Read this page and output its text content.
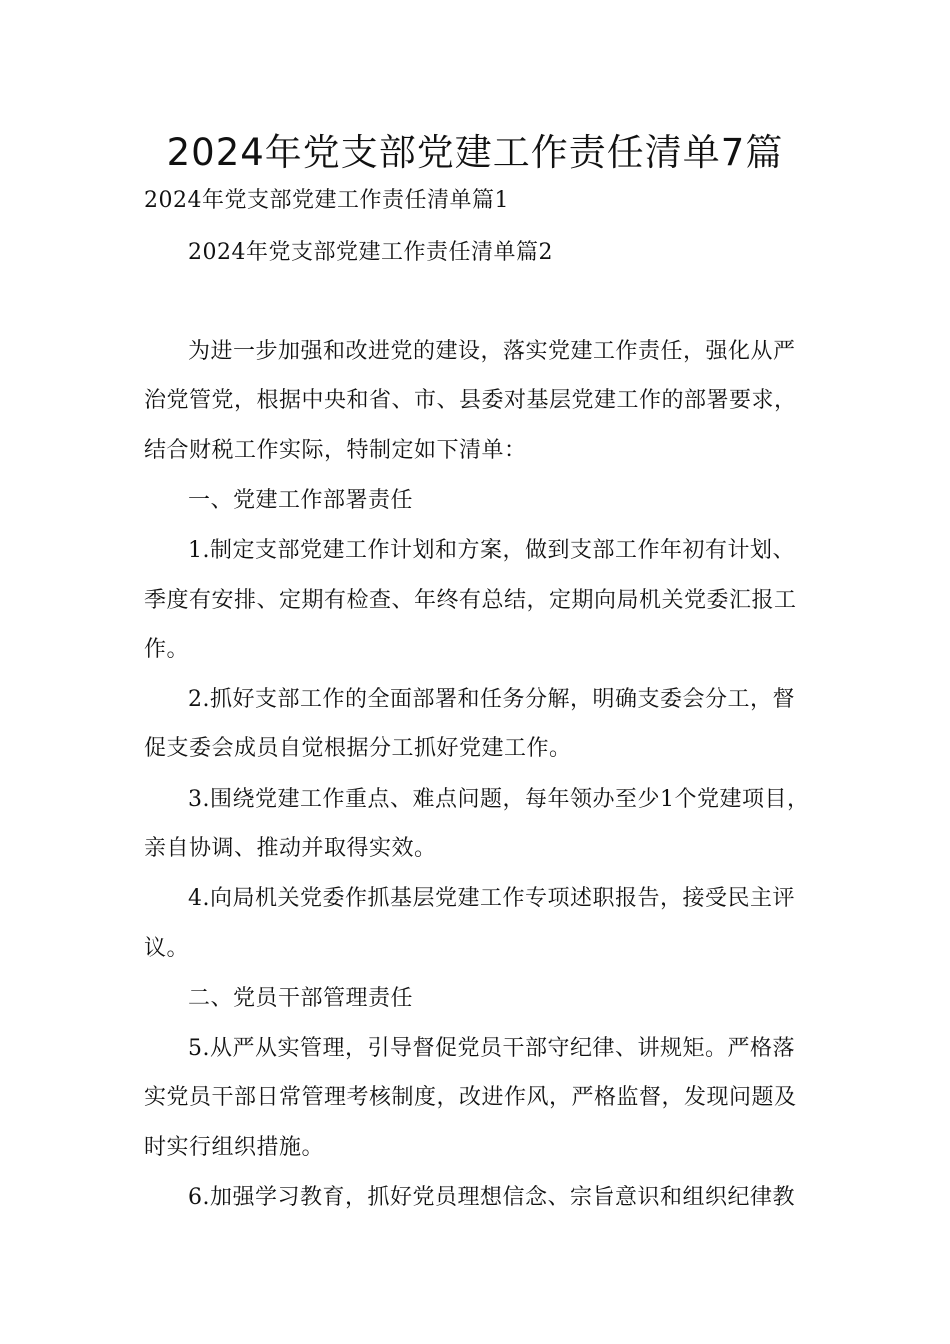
2024年党支部党建工作责任清单7篇
2024年党支部党建工作责任清单篇1
2024年党支部党建工作责任清单篇2
为进一步加强和改进党的建设，落实党建工作责任，强化从严
治党管党，根据中央和省、市、县委对基层党建工作的部署要求，
结合财税工作实际，特制定如下清单：
一、党建工作部署责任
1.制定支部党建工作计划和方案，做到支部工作年初有计划、
季度有安排、定期有检查、年终有总结，定期向局机关党委汇报工
作。
2.抓好支部工作的全面部署和任务分解，明确支委会分工，督
促支委会成员自觉根据分工抓好党建工作。
3.围绕党建工作重点、难点问题，每年领办至少1个党建项目，
亲自协调、推动并取得实效。
4.向局机关党委作抓基层党建工作专项述职报告，接受民主评
议。
二、党员干部管理责任
5.从严从实管理，引导督促党员干部守纪律、讲规矩。严格落
实党员干部日常管理考核制度，改进作风，严格监督，发现问题及
时实行组织措施。
6.加强学习教育，抓好党员理想信念、宗旨意识和组织纪律教
